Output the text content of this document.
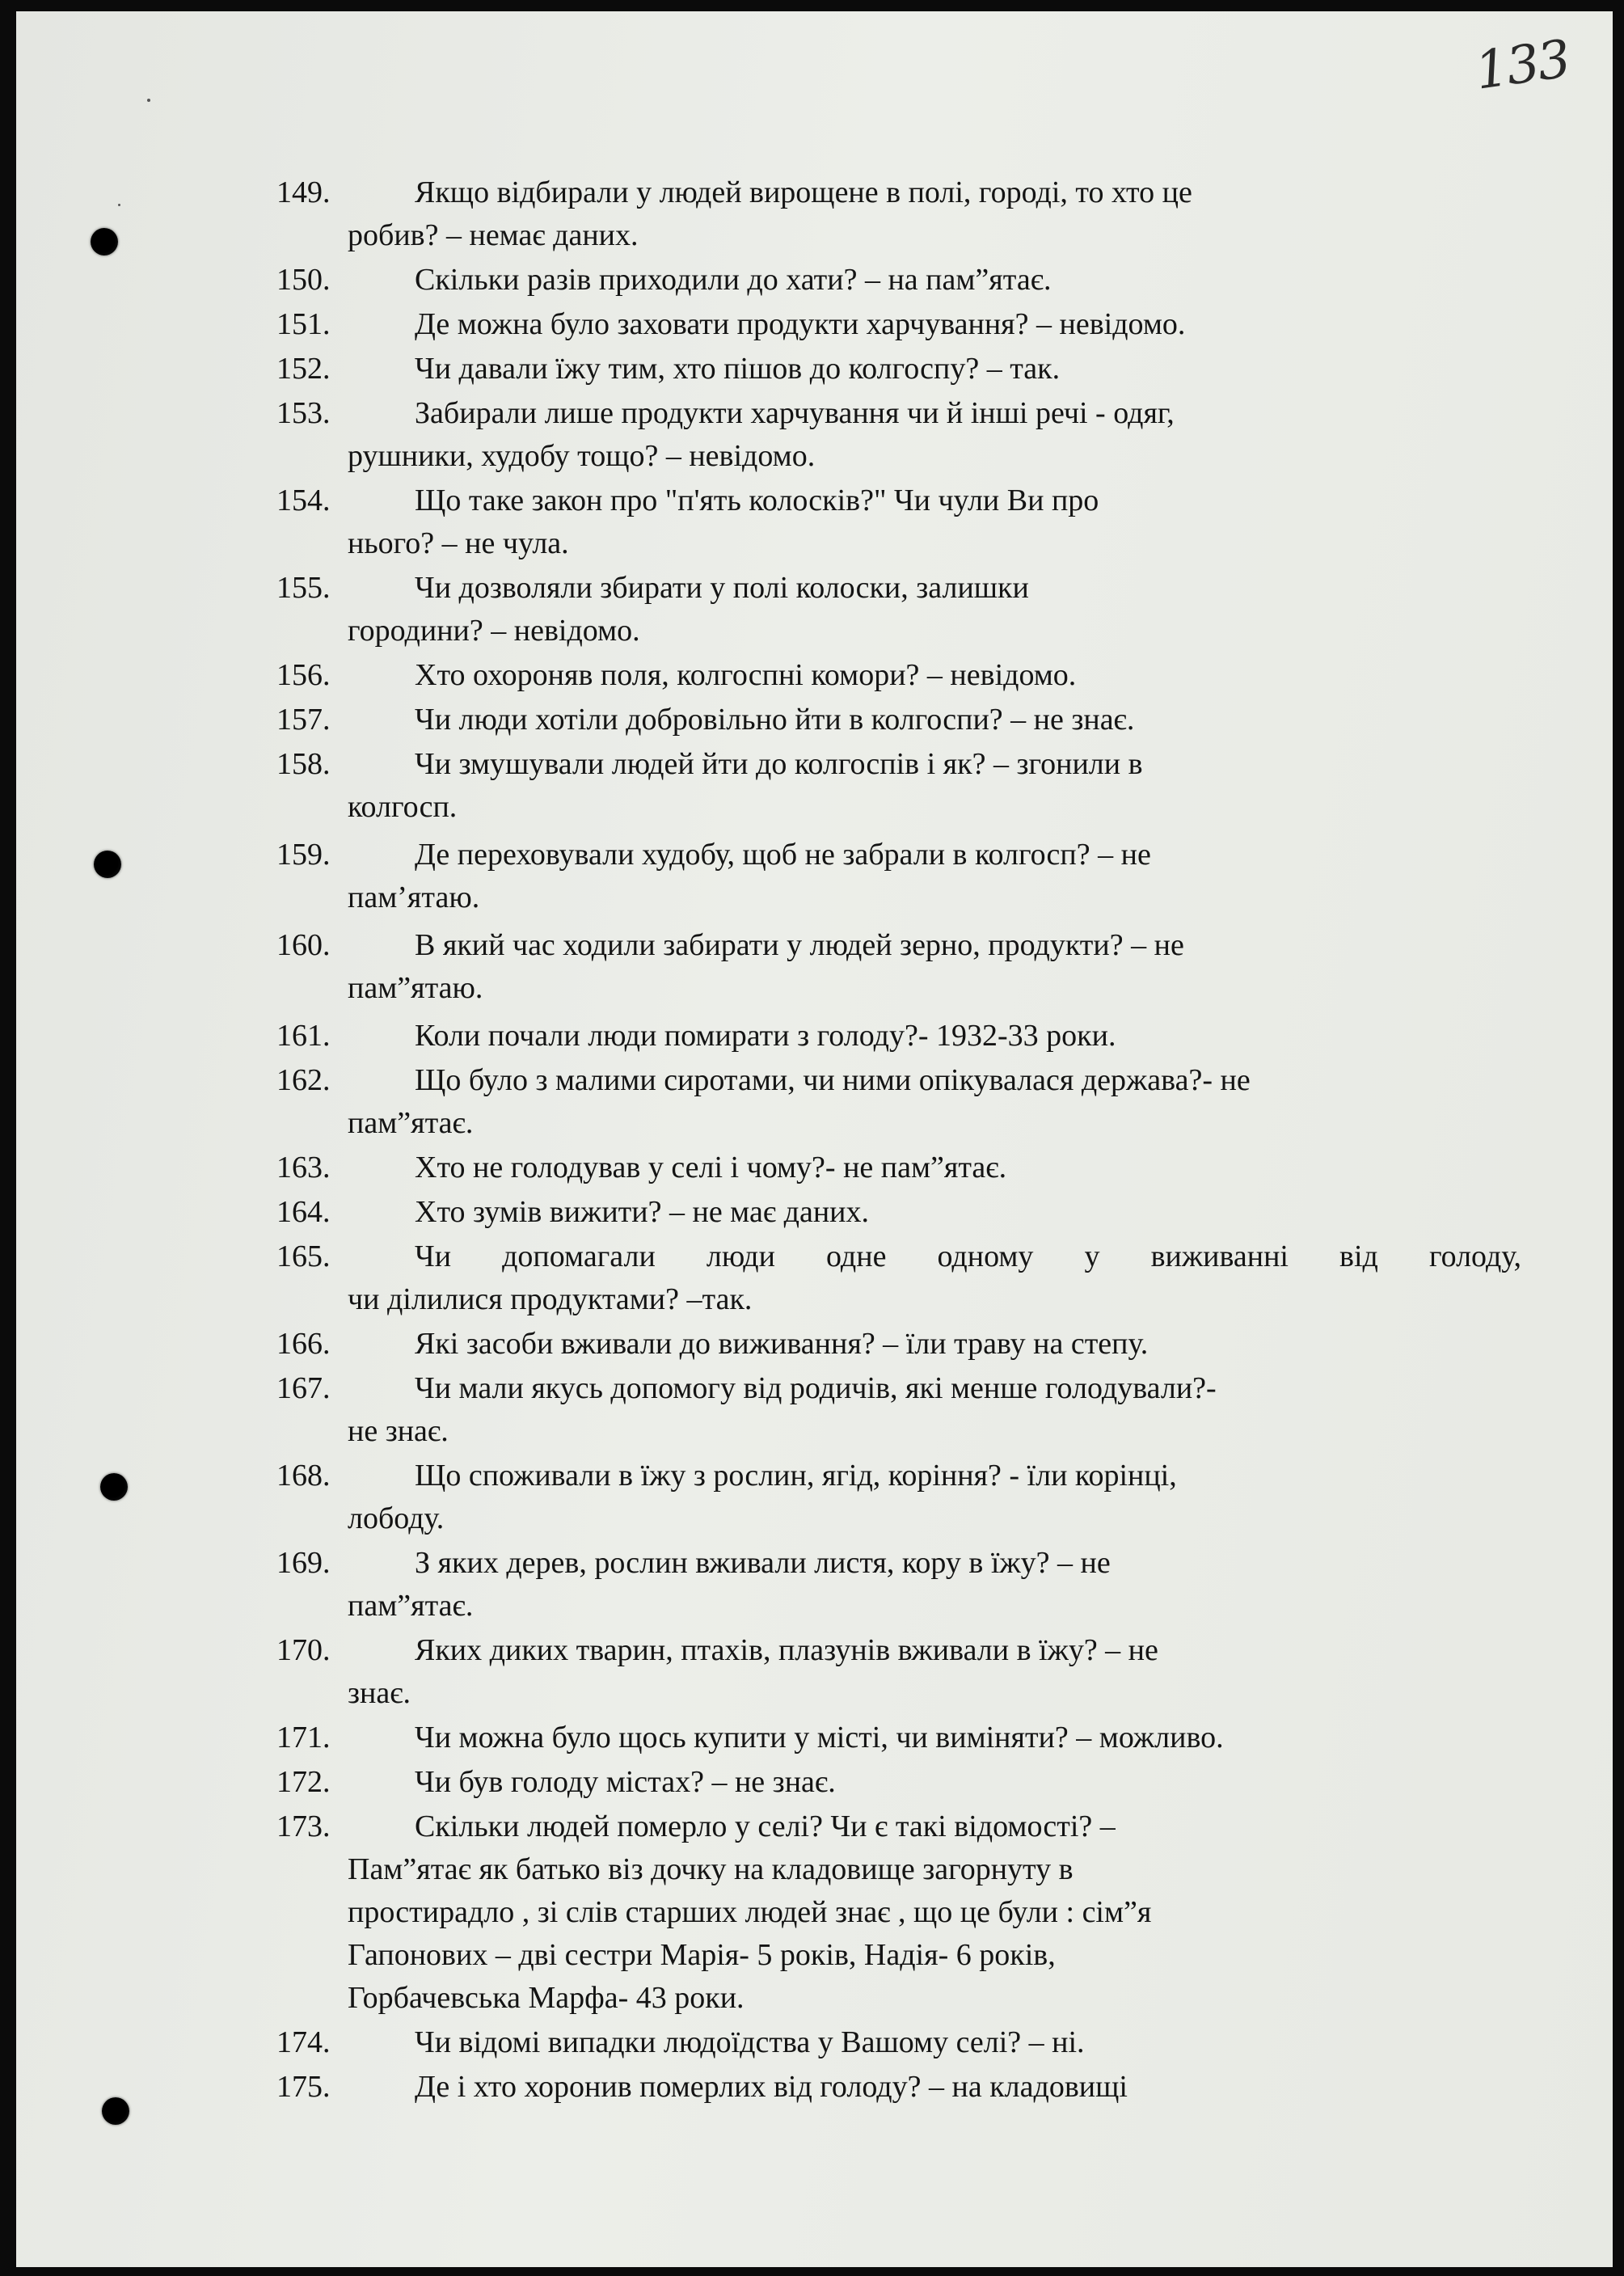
133
149.	Якщо відбирали у людей вирощене в полі, городі, то хто це
робив? – немає даних.
150.	Скільки разів приходили до хати? – на пам”ятає.
151.	Де можна було заховати продукти харчування? – невідомо.
152.	Чи давали їжу тим, хто пішов до колгоспу? – так.
153.	Забирали лише продукти харчування чи й інші речі - одяг,
рушники, худобу тощо? – невідомо.
154.	Що таке закон про "п'ять колосків?" Чи чули Ви про
нього? – не чула.
155.	Чи дозволяли збирати у полі колоски, залишки
городини? – невідомо.
156.	Хто охороняв поля, колгоспні комори? – невідомо.
157.	Чи люди хотіли добровільно йти в колгоспи? – не знає.
158.	Чи змушували людей йти до колгоспів і як? – згонили в
колгосп.
159.	Де переховували худобу, щоб не забрали в колгосп? – не
пам’ятаю.
160.	В який час ходили забирати у людей зерно, продукти? – не
пам”ятаю.
161.	Коли почали люди помирати з голоду?- 1932-33 роки.
162.	Що було з малими сиротами, чи ними опікувалася держава?- не
пам”ятає.
163.	Хто не голодував у селі і чому?- не пам”ятає.
164.	Хто зумів вижити? – не має даних.
165.	Чи допомагали люди одне одному у виживанні від голоду,
чи ділилися продуктами? –так.
166.	Які засоби вживали до виживання? – їли траву на степу.
167.	Чи мали якусь допомогу від родичів, які менше голодували?-
не знає.
168.	Що споживали в їжу з рослин, ягід, коріння? - їли корінці,
лободу.
169.	З яких дерев, рослин вживали листя, кору в їжу? – не
пам”ятає.
170.	Яких диких тварин, птахів, плазунів вживали в їжу? – не
знає.
171.	Чи можна було щось купити у місті, чи виміняти? – можливо.
172.	Чи був голоду містах? – не знає.
173.	Скільки людей померло у селі? Чи є такі відомості? –
Пам”ятає як батько віз дочку на кладовище загорнуту в
простирадло , зі слів старших людей знає , що це були : сім”я
Гапонових – дві сестри Марія- 5 років, Надія- 6 років,
Горбачевська Марфа- 43 роки.
174.	Чи відомі випадки людоїдства у Вашому селі? – ні.
175.	Де і хто хоронив померлих від голоду? – на кладовищі
